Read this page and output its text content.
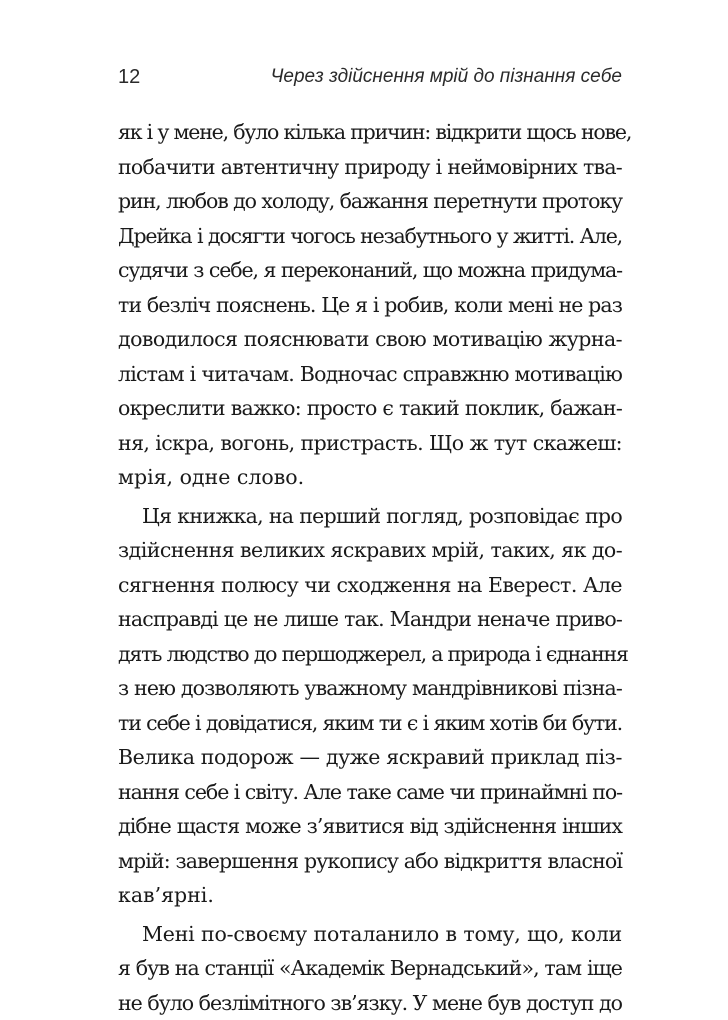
12	Через здійснення мрій до пізнання себе
як і у мене, було кілька причин: відкрити щось нове,
побачити автентичну природу і неймовірних тва-
рин, любов до холоду, бажання перетнути протоку
Дрейка і досягти чогось незабутнього у житті. Але,
судячи з себе, я переконаний, що можна придума-
ти безліч пояснень. Це я і робив, коли мені не раз
доводилося пояснювати свою мотивацію журна-
лістам і читачам. Водночас справжню мотивацію
окреслити важко: просто є такий поклик, бажан-
ня, іскра, вогонь, пристрасть. Що ж тут скажеш:
мрія, одне слово.
Ця книжка, на перший погляд, розповідає про
здійснення великих яскравих мрій, таких, як до-
сягнення полюсу чи сходження на Еверест. Але
насправді це не лише так. Мандри неначе приво-
дять людство до першоджерел, а природа і єднання
з нею дозволяють уважному мандрівникові пізна-
ти себе і довідатися, яким ти є і яким хотів би бути.
Велика подорож — дуже яскравий приклад піз-
нання себе і світу. Але таке саме чи принаймні по-
дібне щастя може з’явитися від здійснення інших
мрій: завершення рукопису або відкриття власної
кав’ярні.
Мені по-своєму поталанило в тому, що, коли
я був на станції «Академік Вернадський», там іще
не було безлімітного зв’язку. У мене був доступ до
